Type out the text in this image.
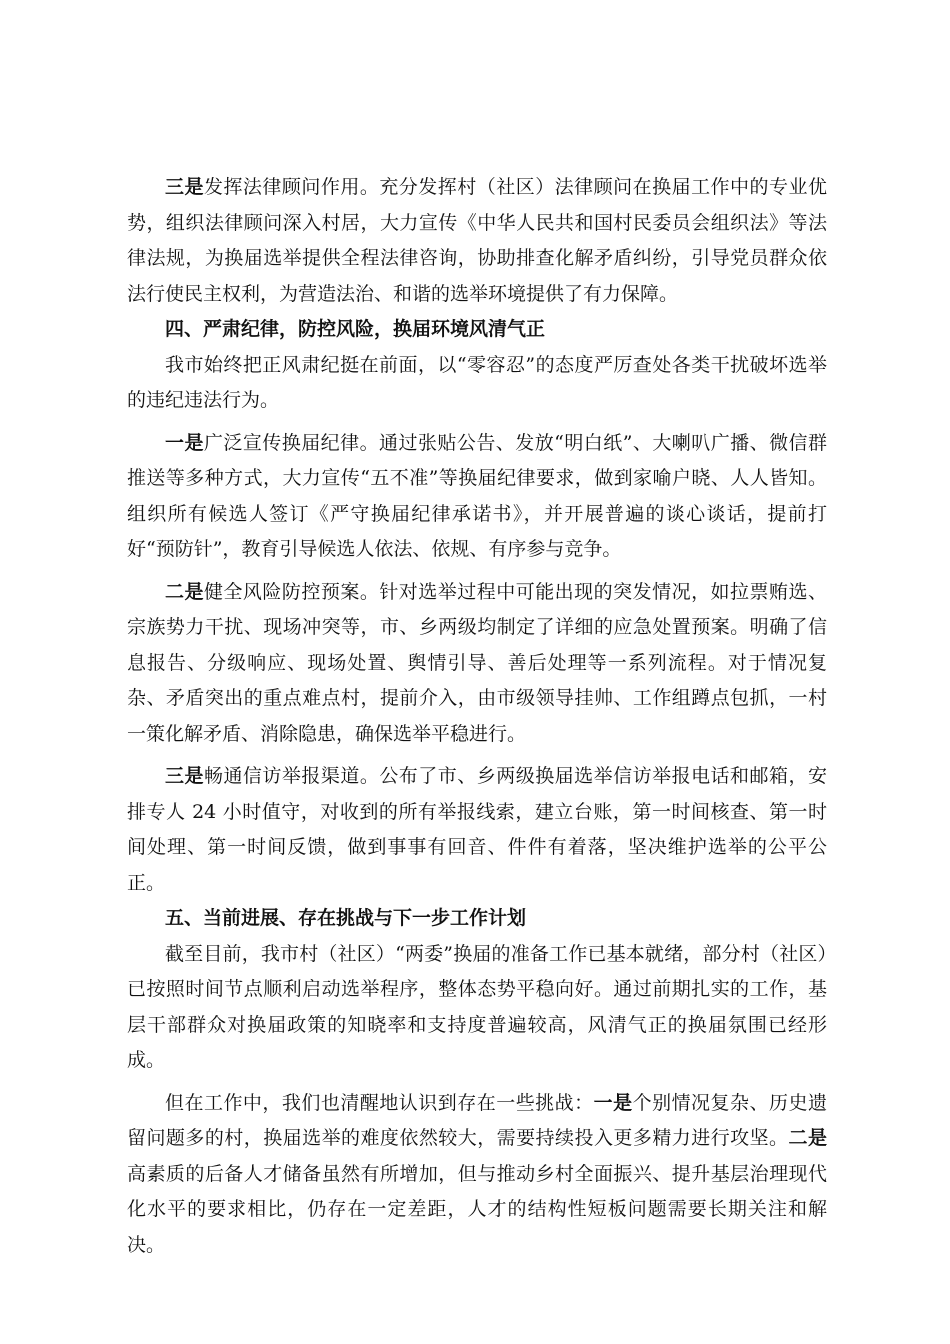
三是发挥法律顾问作用。充分发挥村（社区）法律顾问在换届工作中的专业优势，组织法律顾问深入村居，大力宣传《中华人民共和国村民委员会组织法》等法律法规，为换届选举提供全程法律咨询，协助排查化解矛盾纠纷，引导党员群众依法行使民主权利，为营造法治、和谐的选举环境提供了有力保障。

四、严肃纪律，防控风险，换届环境风清气正

我市始终把正风肃纪挺在前面，以“零容忍”的态度严厉查处各类干扰破坏选举的违纪违法行为。

一是广泛宣传换届纪律。通过张贴公告、发放“明白纸”、大喇叭广播、微信群推送等多种方式，大力宣传“五不准”等换届纪律要求，做到家喻户晓、人人皆知。组织所有候选人签订《严守换届纪律承诺书》，并开展普遍的谈心谈话，提前打好“预防针”，教育引导候选人依法、依规、有序参与竞争。

二是健全风险防控预案。针对选举过程中可能出现的突发情况，如拉票贿选、宗族势力干扰、现场冲突等，市、乡两级均制定了详细的应急处置预案。明确了信息报告、分级响应、现场处置、舆情引导、善后处理等一系列流程。对于情况复杂、矛盾突出的重点难点村，提前介入，由市级领导挂帅、工作组蹲点包抓，一村一策化解矛盾、消除隐患，确保选举平稳进行。

三是畅通信访举报渠道。公布了市、乡两级换届选举信访举报电话和邮箱，安排专人 24 小时值守，对收到的所有举报线索，建立台账，第一时间核查、第一时间处理、第一时间反馈，做到事事有回音、件件有着落，坚决维护选举的公平公正。

五、当前进展、存在挑战与下一步工作计划

截至目前，我市村（社区）“两委”换届的准备工作已基本就绪，部分村（社区）已按照时间节点顺利启动选举程序，整体态势平稳向好。通过前期扎实的工作，基层干部群众对换届政策的知晓率和支持度普遍较高，风清气正的换届氛围已经形成。

但在工作中，我们也清醒地认识到存在一些挑战：一是个别情况复杂、历史遗留问题多的村，换届选举的难度依然较大，需要持续投入更多精力进行攻坚。二是高素质的后备人才储备虽然有所增加，但与推动乡村全面振兴、提升基层治理现代化水平的要求相比，仍存在一定差距，人才的结构性短板问题需要长期关注和解决。
